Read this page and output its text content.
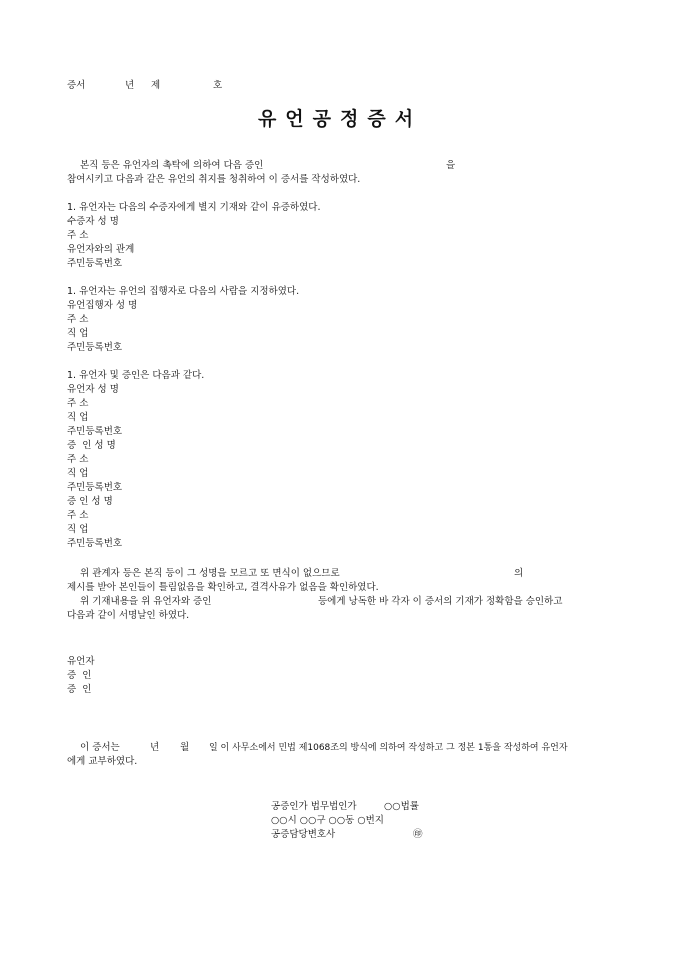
증서	년 제	호
유언공정증서
본직 등은 유언자의 촉탁에 의하여 다음 증인	을
참여시키고 다음과 같은 유언의 취지를 청취하여 이 증서를 작성하였다.
1. 유언자는 다음의 수증자에게 별지 기재와 같이 유증하였다.
수증자 성 명
주 소
유언자와의 관계
주민등록번호
1. 유언자는 유언의 집행자로 다음의 사람을 지정하였다.
유언집행자 성 명
주 소
직 업
주민등록번호
1. 유언자 및 증인은 다음과 같다.
유언자 성 명
주 소
직 업
주민등록번호
증  인 성 명
주 소
직 업
주민등록번호
증 인 성 명
주 소
직 업
주민등록번호
위 관계자 등은 본직 등이 그 성명을 모르고 또 면식이 없으므로	의
제시를 받아 본인들이 틀림없음을 확인하고, 결격사유가 없음을 확인하였다.
위 기재내용을 위 유언자와 증인	등에게 낭독한 바 각자 이 증서의 기재가 정확함을 승인하고
다음과 같이 서명날인 하였다.
유언자
증  인
증  인
이 증서는	년 월 일 이 사무소에서 민법 제1068조의 방식에 의하여 작성하고 그 정본 1통을 작성하여 유언자
에게 교부하였다.
공증인가 법무법인가	○○법률
○○시 ○○구 ○○동 ○번지
공증담당변호사	㊞
